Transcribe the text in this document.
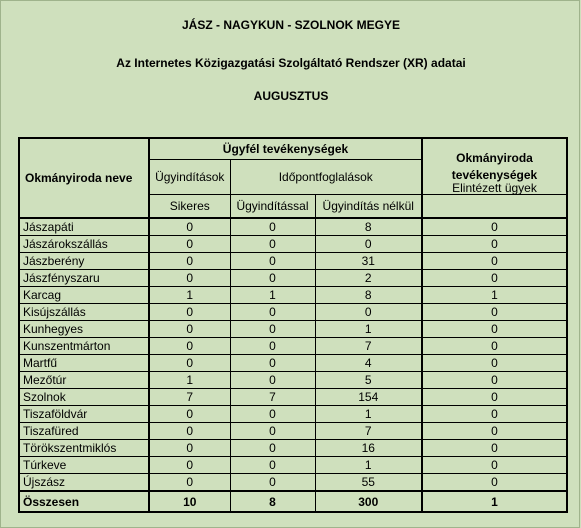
JÁSZ - NAGYKUN - SZOLNOK MEGYE
Az Internetes Közigazgatási Szolgáltató Rendszer (XR) adatai
AUGUSZTUS
Okmányiroda neve	Ügyfél tevékenységek			Okmányiroda tevékenységek
	Ügyindítások	Időpontfoglalások		
	Sikeres	Ügyindítással	Ügyindítás nélkül	Elintézett ügyek
Jászapáti	0	0	8	0
Jászárokszállás	0	0	0	0
Jászberény	0	0	31	0
Jászfényszaru	0	0	2	0
Karcag	1	1	8	1
Kisújszállás	0	0	0	0
Kunhegyes	0	0	1	0
Kunszentmárton	0	0	7	0
Martfű	0	0	4	0
Mezőtúr	1	0	5	0
Szolnok	7	7	154	0
Tiszaföldvár	0	0	1	0
Tiszafüred	0	0	7	0
Törökszentmiklós	0	0	16	0
Túrkeve	0	0	1	0
Újszász	0	0	55	0
Összesen	10	8	300	1
